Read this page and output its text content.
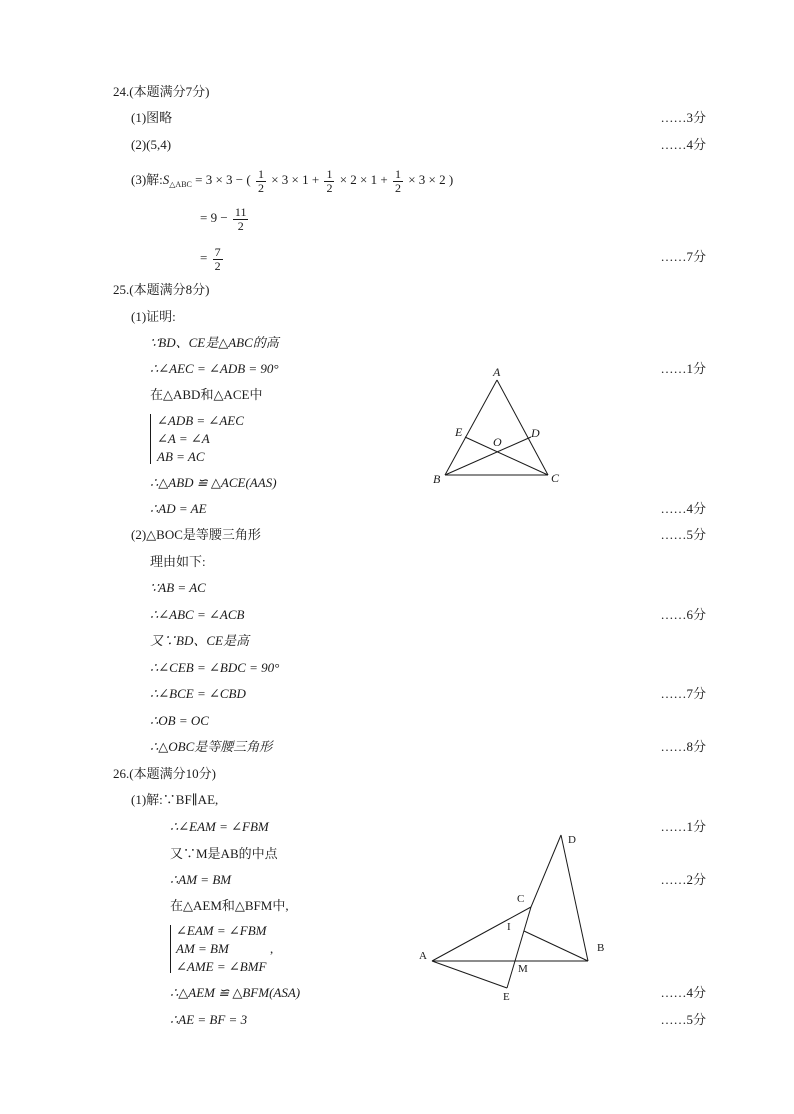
24.(本题满分7分)
(1)图略	……3分
(2)(5,4)	……4分
(3)解$:S_{\triangle ABC} = 3 \times 3$ − ( $\frac{1}{2} \times 3 \times 1 + \frac{1}{2} \times 2 \times 1 + \frac{1}{2} \times 3 \times 2$ )
= $9 - \frac{11}{2}$
= $\frac{7}{2}$	……7分
25.(本题满分8分)
(1)证明:
∵BD、CE是△ABC的高
∴∠AEC = ∠ADB = 90°	……1分
在△ABD和△ACE中
∠ADB = ∠AEC
∠A = ∠A
AB = AC
∴△ABD ≌ △ACE(AAS)
∴AD = AE	……4分
(2)△BOC是等腰三角形	……5分
理由如下:
∵AB = AC
∴∠ABC = ∠ACB	……6分
又∵BD、CE是高
∴∠CEB = ∠BDC = 90°
∴∠BCE = ∠CBD	……7分
∴OB = OC
∴△OBC是等腰三角形	……8分
A
B	C
D
E
O
26.(本题满分10分)
(1)解:∵BF∥AE,
∴∠EAM = ∠FBM	……1分
又∵M是AB的中点
∴AM = BM	……2分
在△AEM和△BFM中,
∠EAM = ∠FBM
AM = BM	,
∠AME = ∠BMF
∴△AEM ≌ △BFM(ASA)	……4分
∴AE = BF = 3	……5分
A
B
C
D
E
M
I
